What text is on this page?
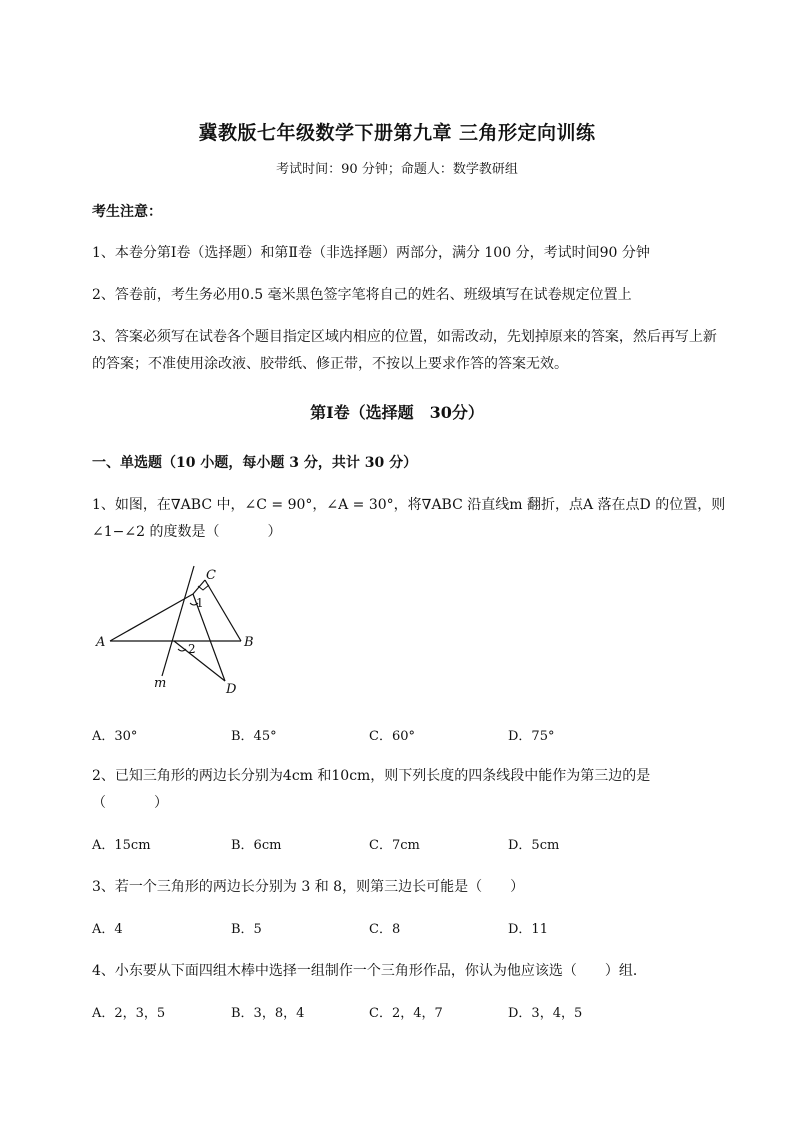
冀教版七年级数学下册第九章 三角形定向训练
考试时间：90 分钟；命题人：数学教研组
考生注意：
1、本卷分第I卷（选择题）和第Ⅱ卷（非选择题）两部分，满分 100 分，考试时间90 分钟
2、答卷前，考生务必用0.5 毫米黑色签字笔将自己的姓名、班级填写在试卷规定位置上
3、答案必须写在试卷各个题目指定区域内相应的位置，如需改动，先划掉原来的答案，然后再写上新
的答案；不准使用涂改液、胶带纸、修正带，不按以上要求作答的答案无效。
第I卷（选择题　30分）
一、单选题（10 小题，每小题 3 分，共计 30 分）
1、如图，在∇ABC 中，∠C = 90°，∠A = 30°，将∇ABC 沿直线m 翻折，点A 落在点D 的位置，则
∠1−∠2 的度数是（	）
C
A	B
D
m
1
2
A．30°	B．45°	C．60°	D．75°
2、已知三角形的两边长分别为4cm 和10cm，则下列长度的四条线段中能作为第三边的是
（	）
A．15cm	B．6cm	C．7cm	D．5cm
3、若一个三角形的两边长分别为 3 和 8，则第三边长可能是（　　）
A．4	B．5	C．8	D．11
4、小东要从下面四组木棒中选择一组制作一个三角形作品，你认为他应该选（　　）组．
A．2，3，5	B．3，8，4	C．2，4，7	D．3，4，5
